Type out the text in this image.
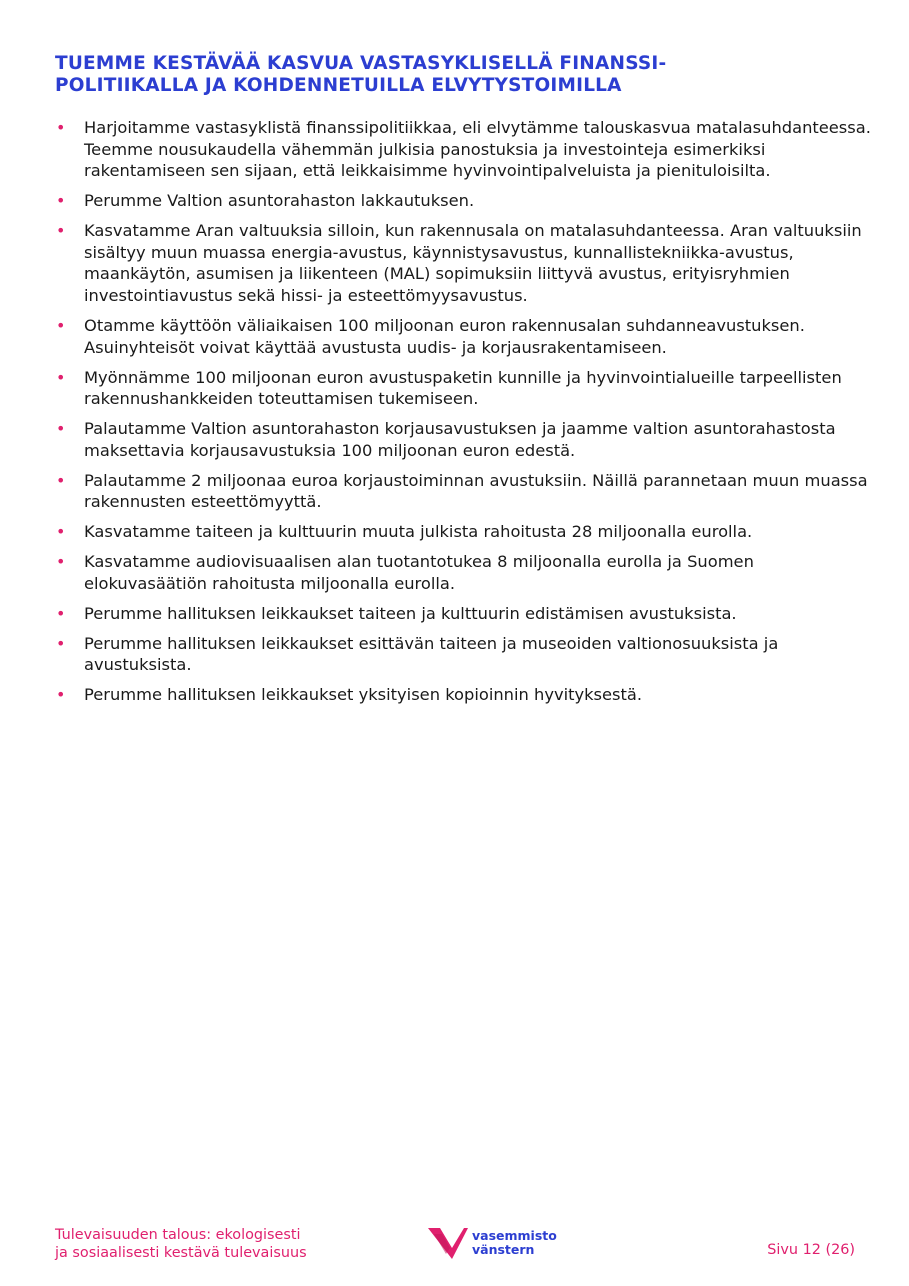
TUEMME KESTÄVÄÄ KASVUA VASTASYKLISELLÄ FINANSSI-
POLITIIKALLA JA KOHDENNETUILLA ELVYTYSTOIMILLA
• Harjoitamme vastasyklistä finanssipolitiikkaa, eli elvytämme talouskasvua matalasuhdanteessa. Teemme nousukaudella vähemmän julkisia panostuksia ja investointeja esimerkiksi rakentamiseen sen sijaan, että leikkaisimme hyvinvointipalveluista ja pienituloisilta.
• Perumme Valtion asuntorahaston lakkautuksen.
• Kasvatamme Aran valtuuksia silloin, kun rakennusala on matalasuhdanteessa. Aran valtuuksiin sisältyy muun muassa energia-avustus, käynnistysavustus, kunnallistekniikka-avustus, maankäytön, asumisen ja liikenteen (MAL) sopimuksiin liittyvä avustus, erityisryhmien investointiavustus sekä hissi- ja esteettömyysavustus.
• Otamme käyttöön väliaikaisen 100 miljoonan euron rakennusalan suhdanneavustuksen. Asuinyhteisöt voivat käyttää avustusta uudis- ja korjausrakentamiseen.
• Myönnämme 100 miljoonan euron avustuspaketin kunnille ja hyvinvointialueille tarpeellisten rakennushankkeiden toteuttamisen tukemiseen.
• Palautamme Valtion asuntorahaston korjausavustuksen ja jaamme valtion asuntorahastosta maksettavia korjausavustuksia 100 miljoonan euron edestä.
• Palautamme 2 miljoonaa euroa korjaustoiminnan avustuksiin. Näillä parannetaan muun muassa rakennusten esteettömyyttä.
• Kasvatamme taiteen ja kulttuurin muuta julkista rahoitusta 28 miljoonalla eurolla.
• Kasvatamme audiovisuaalisen alan tuotantotukea 8 miljoonalla eurolla ja Suomen elokuvasäätiön rahoitusta miljoonalla eurolla.
• Perumme hallituksen leikkaukset taiteen ja kulttuurin edistämisen avustuksista.
• Perumme hallituksen leikkaukset esittävän taiteen ja museoiden valtionosuuksista ja avustuksista.
• Perumme hallituksen leikkaukset yksityisen kopioinnin hyvityksestä.
Tulevaisuuden talous: ekologisesti
ja sosiaalisesti kestävä tulevaisuus
vasemmisto
vänstern	Sivu 12 (26)
